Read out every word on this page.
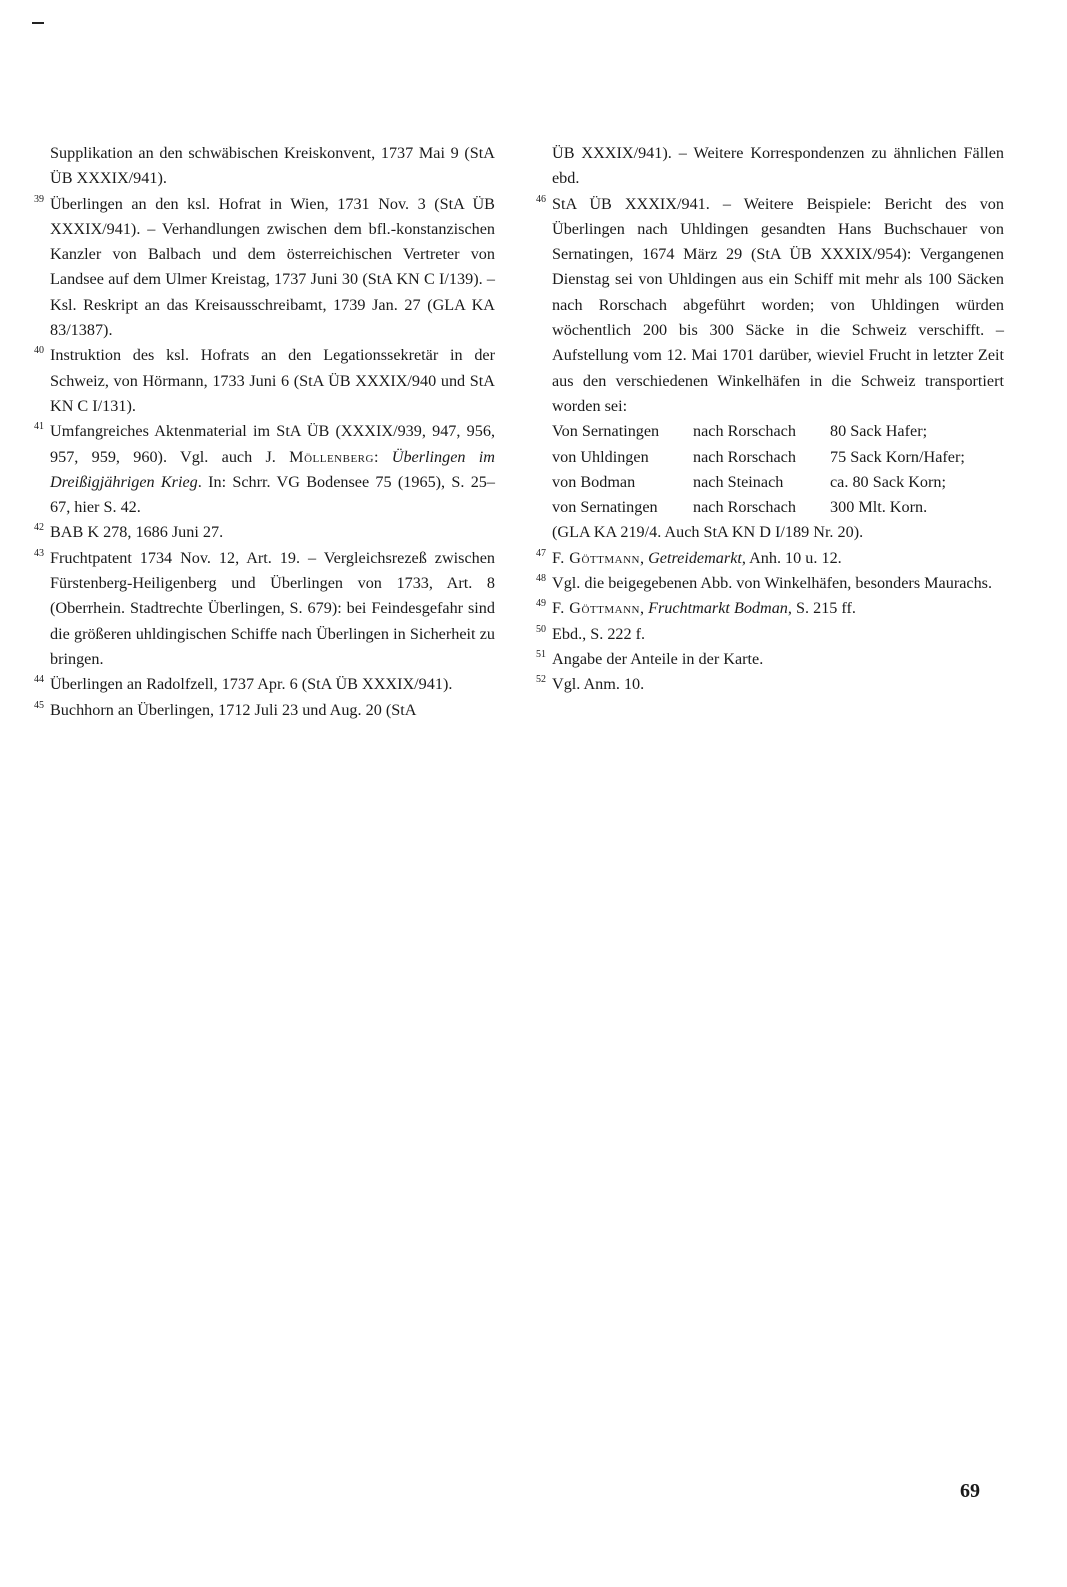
Supplikation an den schwäbischen Kreiskonvent, 1737 Mai 9 (StA ÜB XXXIX/941).

39 Überlingen an den ksl. Hofrat in Wien, 1731 Nov. 3 (StA ÜB XXXIX/941). – Verhandlungen zwischen dem bfl.-konstanzischen Kanzler von Balbach und dem österreichischen Vertreter von Landsee auf dem Ulmer Kreistag, 1737 Juni 30 (StA KN C I/139). – Ksl. Reskript an das Kreisausschreibamt, 1739 Jan. 27 (GLA KA 83/1387).

40 Instruktion des ksl. Hofrats an den Legationssekretär in der Schweiz, von Hörmann, 1733 Juni 6 (StA ÜB XXXIX/940 und StA KN C I/131).

41 Umfangreiches Aktenmaterial im StA ÜB (XXXIX/939, 947, 956, 957, 959, 960). Vgl. auch J. Möllenberg: Überlingen im Dreißigjährigen Krieg. In: Schrr. VG Bodensee 75 (1965), S. 25–67, hier S. 42.

42 BAB K 278, 1686 Juni 27.

43 Fruchtpatent 1734 Nov. 12, Art. 19. – Vergleichsrezeß zwischen Fürstenberg-Heiligenberg und Überlingen von 1733, Art. 8 (Oberrhein. Stadtrechte Überlingen, S. 679): bei Feindesgefahr sind die größeren uhldingischen Schiffe nach Überlingen in Sicherheit zu bringen.

44 Überlingen an Radolfzell, 1737 Apr. 6 (StA ÜB XXXIX/941).

45 Buchhorn an Überlingen, 1712 Juli 23 und Aug. 20 (StA

ÜB XXXIX/941). – Weitere Korrespondenzen zu ähnlichen Fällen ebd.

46 StA ÜB XXXIX/941. – Weitere Beispiele: Bericht des von Überlingen nach Uhldingen gesandten Hans Buchschauer von Sernatingen, 1674 März 29 (StA ÜB XXXIX/954): Vergangenen Dienstag sei von Uhldingen aus ein Schiff mit mehr als 100 Säcken nach Rorschach abgeführt worden; von Uhldingen würden wöchentlich 200 bis 300 Säcke in die Schweiz verschifft. – Aufstellung vom 12. Mai 1701 darüber, wieviel Frucht in letzter Zeit aus den verschiedenen Winkelhäfen in die Schweiz transportiert worden sei:

Von Sernatingen	nach Rorschach	80 Sack Hafer;
von Uhldingen	nach Rorschach	75 Sack Korn/Hafer;
von Bodman	nach Steinach	ca. 80 Sack Korn;
von Sernatingen	nach Rorschach	300 Mlt. Korn.

(GLA KA 219/4. Auch StA KN D I/189 Nr. 20).

47 F. Göttmann, Getreidemarkt, Anh. 10 u. 12.

48 Vgl. die beigegebenen Abb. von Winkelhäfen, besonders Maurachs.

49 F. Göttmann, Fruchtmarkt Bodman, S. 215 ff.

50 Ebd., S. 222 f.

51 Angabe der Anteile in der Karte.

52 Vgl. Anm. 10.

69
